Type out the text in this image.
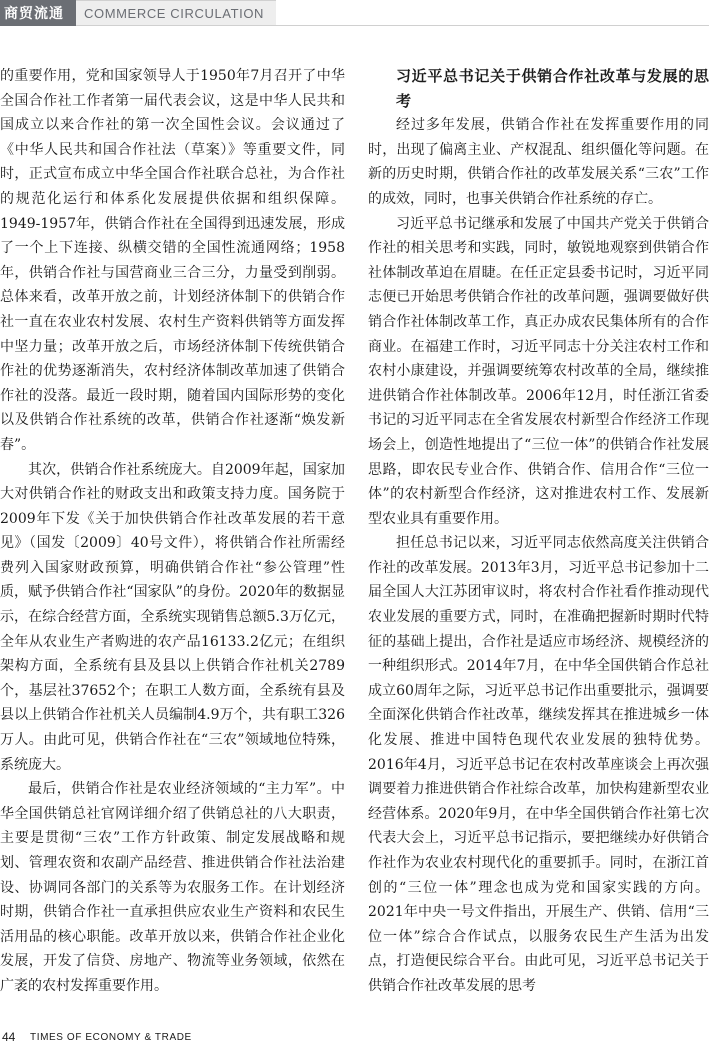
商贸流通	COMMERCE CIRCULATION

的重要作用，党和国家领导人于1950年7月召开了中华全国合作社工作者第一届代表会议，这是中华人民共和国成立以来合作社的第一次全国性会议。会议通过了《中华人民共和国合作社法（草案）》等重要文件，同时，正式宣布成立中华全国合作社联合总社，为合作社的规范化运行和体系化发展提供依据和组织保障。1949-1957年，供销合作社在全国得到迅速发展，形成了一个上下连接、纵横交错的全国性流通网络；1958年，供销合作社与国营商业三合三分，力量受到削弱。总体来看，改革开放之前，计划经济体制下的供销合作社一直在农业农村发展、农村生产资料供销等方面发挥中坚力量；改革开放之后，市场经济体制下传统供销合作社的优势逐渐消失，农村经济体制改革加速了供销合作社的没落。最近一段时期，随着国内国际形势的变化以及供销合作社系统的改革，供销合作社逐渐“焕发新春”。

其次，供销合作社系统庞大。自2009年起，国家加大对供销合作社的财政支出和政策支持力度。国务院于2009年下发《关于加快供销合作社改革发展的若干意见》（国发〔2009〕40号文件），将供销合作社所需经费列入国家财政预算，明确供销合作社“参公管理”性质，赋予供销合作社“国家队”的身份。2020年的数据显示，在综合经营方面，全系统实现销售总额5.3万亿元，全年从农业生产者购进的农产品16133.2亿元；在组织架构方面，全系统有县及县以上供销合作社机关2789个，基层社37652个；在职工人数方面，全系统有县及县以上供销合作社机关人员编制4.9万个，共有职工326万人。由此可见，供销合作社在“三农”领域地位特殊，系统庞大。

最后，供销合作社是农业经济领域的“主力军”。中华全国供销总社官网详细介绍了供销总社的八大职责，主要是贯彻“三农”工作方针政策、制定发展战略和规划、管理农资和农副产品经营、推进供销合作社法治建设、协调同各部门的关系等为农服务工作。在计划经济时期，供销合作社一直承担供应农业生产资料和农民生活用品的核心职能。改革开放以来，供销合作社企业化发展，开发了信贷、房地产、物流等业务领域，依然在广袤的农村发挥重要作用。

习近平总书记关于供销合作社改革与发展的思考

经过多年发展，供销合作社在发挥重要作用的同时，出现了偏离主业、产权混乱、组织僵化等问题。在新的历史时期，供销合作社的改革发展关系“三农”工作的成效，同时，也事关供销合作社系统的存亡。

习近平总书记继承和发展了中国共产党关于供销合作社的相关思考和实践，同时，敏锐地观察到供销合作社体制改革迫在眉睫。在任正定县委书记时，习近平同志便已开始思考供销合作社的改革问题，强调要做好供销合作社体制改革工作，真正办成农民集体所有的合作商业。在福建工作时，习近平同志十分关注农村工作和农村小康建设，并强调要统筹农村改革的全局，继续推进供销合作社体制改革。2006年12月，时任浙江省委书记的习近平同志在全省发展农村新型合作经济工作现场会上，创造性地提出了“三位一体”的供销合作社发展思路，即农民专业合作、供销合作、信用合作“三位一体”的农村新型合作经济，这对推进农村工作、发展新型农业具有重要作用。

担任总书记以来，习近平同志依然高度关注供销合作社的改革发展。2013年3月，习近平总书记参加十二届全国人大江苏团审议时，将农村合作社看作推动现代农业发展的重要方式，同时，在准确把握新时期时代特征的基础上提出，合作社是适应市场经济、规模经济的一种组织形式。2014年7月，在中华全国供销合作总社成立60周年之际，习近平总书记作出重要批示，强调要全面深化供销合作社改革，继续发挥其在推进城乡一体化发展、推进中国特色现代农业发展的独特优势。2016年4月，习近平总书记在农村改革座谈会上再次强调要着力推进供销合作社综合改革，加快构建新型农业经营体系。2020年9月，在中华全国供销合作社第七次代表大会上，习近平总书记指示，要把继续办好供销合作社作为农业农村现代化的重要抓手。同时，在浙江首创的“三位一体”理念也成为党和国家实践的方向。2021年中央一号文件指出，开展生产、供销、信用“三位一体”综合合作试点，以服务农民生产生活为出发点，打造便民综合平台。由此可见，习近平总书记关于供销合作社改革发展的思考

44	TIMES OF ECONOMY & TRADE
